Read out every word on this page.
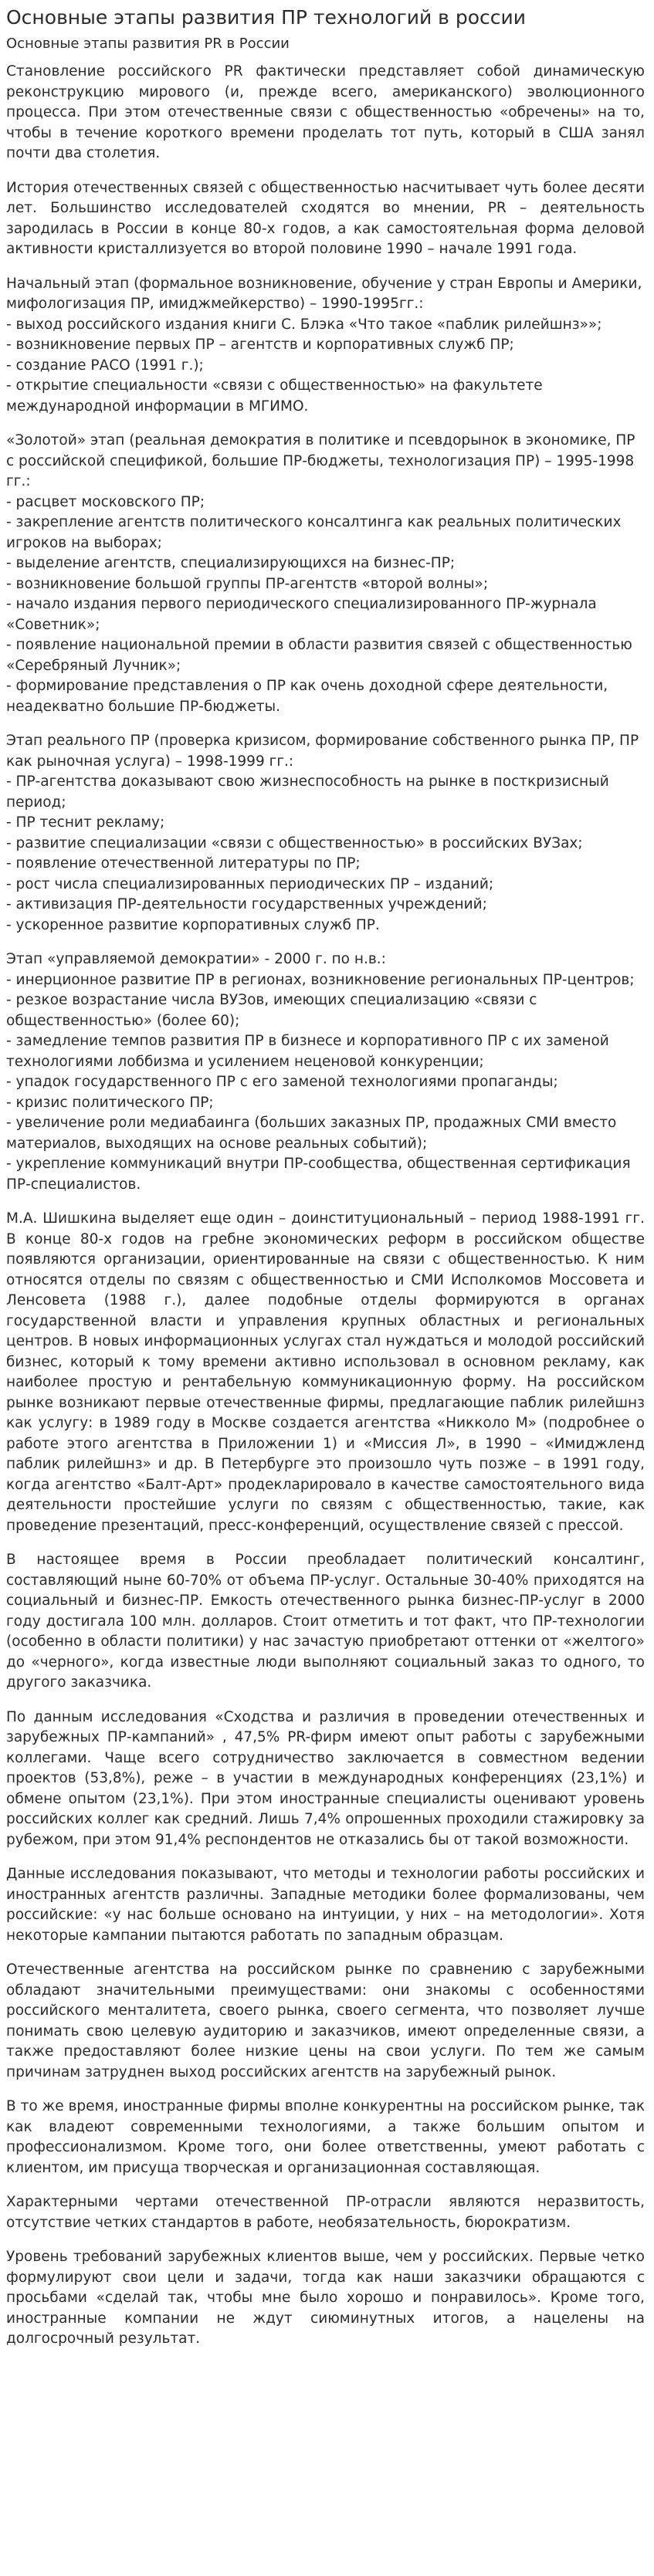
Основные этапы развития ПР технологий в россии
Основные этапы развития PR в России

Становление российского PR фактически представляет собой динамическую реконструкцию мирового (и, прежде всего, американского) эволюционного процесса. При этом отечественные связи с общественностью «обречены» на то, чтобы в течение короткого времени проделать тот путь, который в США занял почти два столетия.

История отечественных связей с общественностью насчитывает чуть более десяти лет. Большинство исследователей сходятся во мнении, PR – деятельность зародилась в России в конце 80-х годов, а как самостоятельная форма деловой активности кристаллизуется во второй половине 1990 – начале 1991 года.

Начальный этап (формальное возникновение, обучение у стран Европы и Америки, мифологизация ПР, имиджмейкерство) – 1990-1995гг.:
- выход российского издания книги С. Блэка «Что такое «паблик рилейшнз»»;
- возникновение первых ПР – агентств и корпоративных служб ПР;
- создание РАСО (1991 г.);
- открытие специальности «связи с общественностью» на факультете международной информации в МГИМО.

«Золотой» этап (реальная демократия в политике и псевдорынок в экономике, ПР с российской спецификой, большие ПР-бюджеты, технологизация ПР) – 1995-1998 гг.:
- расцвет московского ПР;
- закрепление агентств политического консалтинга как реальных политических игроков на выборах;
- выделение агентств, специализирующихся на бизнес-ПР;
- возникновение большой группы ПР-агентств «второй волны»;
- начало издания первого периодического специализированного ПР-журнала «Советник»;
- появление национальной премии в области развития связей с общественностью «Серебряный Лучник»;
- формирование представления о ПР как очень доходной сфере деятельности, неадекватно большие ПР-бюджеты.

Этап реального ПР (проверка кризисом, формирование собственного рынка ПР, ПР как рыночная услуга) – 1998-1999 гг.:
- ПР-агентства доказывают свою жизнеспособность на рынке в посткризисный период;
- ПР теснит рекламу;
- развитие специализации «связи с общественностью» в российских ВУЗах;
- появление отечественной литературы по ПР;
- рост числа специализированных периодических ПР – изданий;
- активизация ПР-деятельности государственных учреждений;
- ускоренное развитие корпоративных служб ПР.

Этап «управляемой демократии» - 2000 г. по н.в.:
- инерционное развитие ПР в регионах, возникновение региональных ПР-центров;
- резкое возрастание числа ВУЗов, имеющих специализацию «связи с общественностью» (более 60);
- замедление темпов развития ПР в бизнесе и корпоративного ПР с их заменой технологиями лоббизма и усилением неценовой конкуренции;
- упадок государственного ПР с его заменой технологиями пропаганды;
- кризис политического ПР;
- увеличение роли медиабаинга (больших заказных ПР, продажных СМИ вместо материалов, выходящих на основе реальных событий);
- укрепление коммуникаций внутри ПР-сообщества, общественная сертификация ПР-специалистов.

М.А. Шишкина выделяет еще один – доинституциональный – период 1988-1991 гг. В конце 80-х годов на гребне экономических реформ в российском обществе появляются организации, ориентированные на связи с общественностью. К ним относятся отделы по связям с общественностью и СМИ Исполкомов Моссовета и Ленсовета (1988 г.), далее подобные отделы формируются в органах государственной власти и управления крупных областных и региональных центров. В новых информационных услугах стал нуждаться и молодой российский бизнес, который к тому времени активно использовал в основном рекламу, как наиболее простую и рентабельную коммуникационную форму. На российском рынке возникают первые отечественные фирмы, предлагающие паблик рилейшнз как услугу: в 1989 году в Москве создается агентства «Никколо М» (подробнее о работе этого агентства в Приложении 1) и «Миссия Л», в 1990 – «Имиджленд паблик рилейшнз» и др. В Петербурге это произошло чуть позже – в 1991 году, когда агентство «Балт-Арт» продекларировало в качестве самостоятельного вида деятельности простейшие услуги по связям с общественностью, такие, как проведение презентаций, пресс-конференций, осуществление связей с прессой.

В настоящее время в России преобладает политический консалтинг, составляющий ныне 60-70% от объема ПР-услуг. Остальные 30-40% приходятся на социальный и бизнес-ПР. Емкость отечественного рынка бизнес-ПР-услуг в 2000 году достигала 100 млн. долларов. Стоит отметить и тот факт, что ПР-технологии (особенно в области политики) у нас зачастую приобретают оттенки от «желтого» до «черного», когда известные люди выполняют социальный заказ то одного, то другого заказчика.

По данным исследования «Сходства и различия в проведении отечественных и зарубежных ПР-кампаний» , 47,5% PR-фирм имеют опыт работы с зарубежными коллегами. Чаще всего сотрудничество заключается в совместном ведении проектов (53,8%), реже – в участии в международных конференциях (23,1%) и обмене опытом (23,1%). При этом иностранные специалисты оценивают уровень российских коллег как средний. Лишь 7,4% опрошенных проходили стажировку за рубежом, при этом 91,4% респондентов не отказались бы от такой возможности.

Данные исследования показывают, что методы и технологии работы российских и иностранных агентств различны. Западные методики более формализованы, чем российские: «у нас больше основано на интуиции, у них – на методологии». Хотя некоторые кампании пытаются работать по западным образцам.

Отечественные агентства на российском рынке по сравнению с зарубежными обладают значительными преимуществами: они знакомы с особенностями российского менталитета, своего рынка, своего сегмента, что позволяет лучше понимать свою целевую аудиторию и заказчиков, имеют определенные связи, а также предоставляют более низкие цены на свои услуги. По тем же самым причинам затруднен выход российских агентств на зарубежный рынок.

В то же время, иностранные фирмы вполне конкурентны на российском рынке, так как владеют современными технологиями, а также большим опытом и профессионализмом. Кроме того, они более ответственны, умеют работать с клиентом, им присуща творческая и организационная составляющая.

Характерными чертами отечественной ПР-отрасли являются неразвитость, отсутствие четких стандартов в работе, необязательность, бюрократизм.

Уровень требований зарубежных клиентов выше, чем у российских. Первые четко формулируют свои цели и задачи, тогда как наши заказчики обращаются с просьбами «сделай так, чтобы мне было хорошо и понравилось». Кроме того, иностранные компании не ждут сиюминутных итогов, а нацелены на долгосрочный результат.
